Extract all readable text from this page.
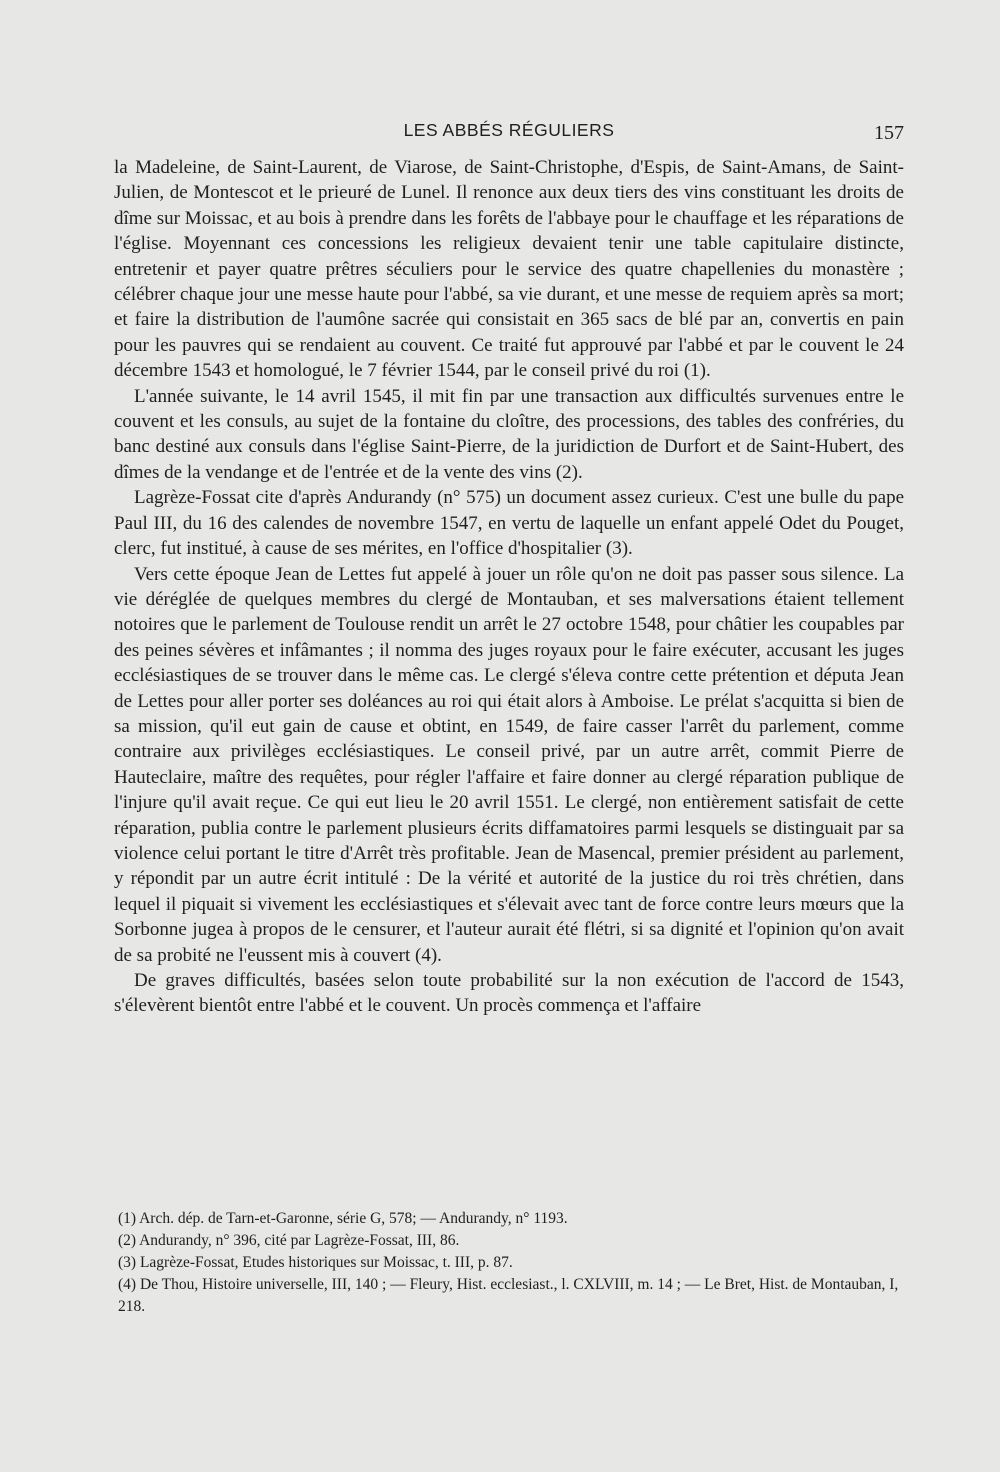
LES ABBÉS RÉGULIERS	157

la Madeleine, de Saint-Laurent, de Viarose, de Saint-Christophe, d'Espis, de Saint-Amans, de Saint-Julien, de Montescot et le prieuré de Lunel. Il renonce aux deux tiers des vins constituant les droits de dîme sur Moissac, et au bois à prendre dans les forêts de l'abbaye pour le chauffage et les réparations de l'église. Moyennant ces concessions les religieux devaient tenir une table capitulaire distincte, entretenir et payer quatre prêtres séculiers pour le service des quatre chapellenies du monastère ; célébrer chaque jour une messe haute pour l'abbé, sa vie durant, et une messe de requiem après sa mort; et faire la distribution de l'aumône sacrée qui consistait en 365 sacs de blé par an, convertis en pain pour les pauvres qui se rendaient au couvent. Ce traité fut approuvé par l'abbé et par le couvent le 24 décembre 1543 et homologué, le 7 février 1544, par le conseil privé du roi (1).

L'année suivante, le 14 avril 1545, il mit fin par une transaction aux difficultés survenues entre le couvent et les consuls, au sujet de la fontaine du cloître, des processions, des tables des confréries, du banc destiné aux consuls dans l'église Saint-Pierre, de la juridiction de Durfort et de Saint-Hubert, des dîmes de la vendange et de l'entrée et de la vente des vins (2).

Lagrèze-Fossat cite d'après Andurandy (n° 575) un document assez curieux. C'est une bulle du pape Paul III, du 16 des calendes de novembre 1547, en vertu de laquelle un enfant appelé Odet du Pouget, clerc, fut institué, à cause de ses mérites, en l'office d'hospitalier (3).

Vers cette époque Jean de Lettes fut appelé à jouer un rôle qu'on ne doit pas passer sous silence. La vie déréglée de quelques membres du clergé de Montauban, et ses malversations étaient tellement notoires que le parlement de Toulouse rendit un arrêt le 27 octobre 1548, pour châtier les coupables par des peines sévères et infâmantes ; il nomma des juges royaux pour le faire exécuter, accusant les juges ecclésiastiques de se trouver dans le même cas. Le clergé s'éleva contre cette prétention et députa Jean de Lettes pour aller porter ses doléances au roi qui était alors à Amboise. Le prélat s'acquitta si bien de sa mission, qu'il eut gain de cause et obtint, en 1549, de faire casser l'arrêt du parlement, comme contraire aux privilèges ecclésiastiques. Le conseil privé, par un autre arrêt, commit Pierre de Hauteclaire, maître des requêtes, pour régler l'affaire et faire donner au clergé réparation publique de l'injure qu'il avait reçue. Ce qui eut lieu le 20 avril 1551. Le clergé, non entièrement satisfait de cette réparation, publia contre le parlement plusieurs écrits diffamatoires parmi lesquels se distinguait par sa violence celui portant le titre d'Arrêt très profitable. Jean de Masencal, premier président au parlement, y répondit par un autre écrit intitulé : De la vérité et autorité de la justice du roi très chrétien, dans lequel il piquait si vivement les ecclésiastiques et s'élevait avec tant de force contre leurs mœurs que la Sorbonne jugea à propos de le censurer, et l'auteur aurait été flétri, si sa dignité et l'opinion qu'on avait de sa probité ne l'eussent mis à couvert (4).

De graves difficultés, basées selon toute probabilité sur la non exécution de l'accord de 1543, s'élevèrent bientôt entre l'abbé et le couvent. Un procès commença et l'affaire

(1) Arch. dép. de Tarn-et-Garonne, série G, 578; — Andurandy, n° 1193.
(2) Andurandy, n° 396, cité par Lagrèze-Fossat, III, 86.
(3) Lagrèze-Fossat, Etudes historiques sur Moissac, t. III, p. 87.
(4) De Thou, Histoire universelle, III, 140 ; — Fleury, Hist. ecclesiast., l. CXLVIII, m. 14 ; — Le Bret, Hist. de Montauban, I, 218.
